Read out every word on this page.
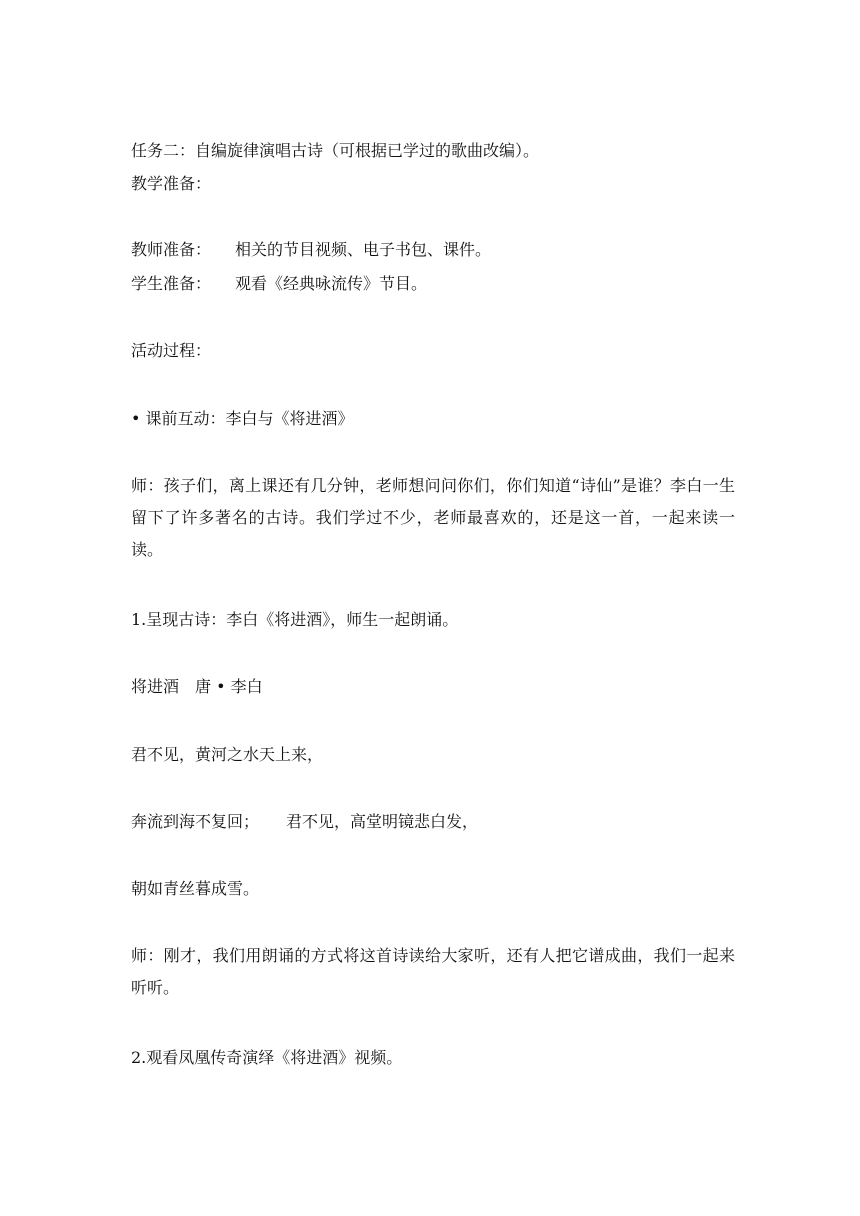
任务二：自编旋律演唱古诗（可根据已学过的歌曲改编）。
教学准备：
教师准备： 相关的节目视频、电子书包、课件。
学生准备： 观看《经典咏流传》节目。
活动过程：
• 课前互动：李白与《将进酒》
师：孩子们，离上课还有几分钟，老师想问问你们，你们知道“诗仙”是谁？李白一生留下了许多著名的古诗。我们学过不少，老师最喜欢的，还是这一首，一起来读一读。
1.呈现古诗：李白《将进酒》，师生一起朗诵。
将进酒　唐 • 李白
君不见，黄河之水天上来，
奔流到海不复回； 君不见，高堂明镜悲白发，
朝如青丝暮成雪。
师：刚才，我们用朗诵的方式将这首诗读给大家听，还有人把它谱成曲，我们一起来听听。
2.观看凤凰传奇演绎《将进酒》视频。
